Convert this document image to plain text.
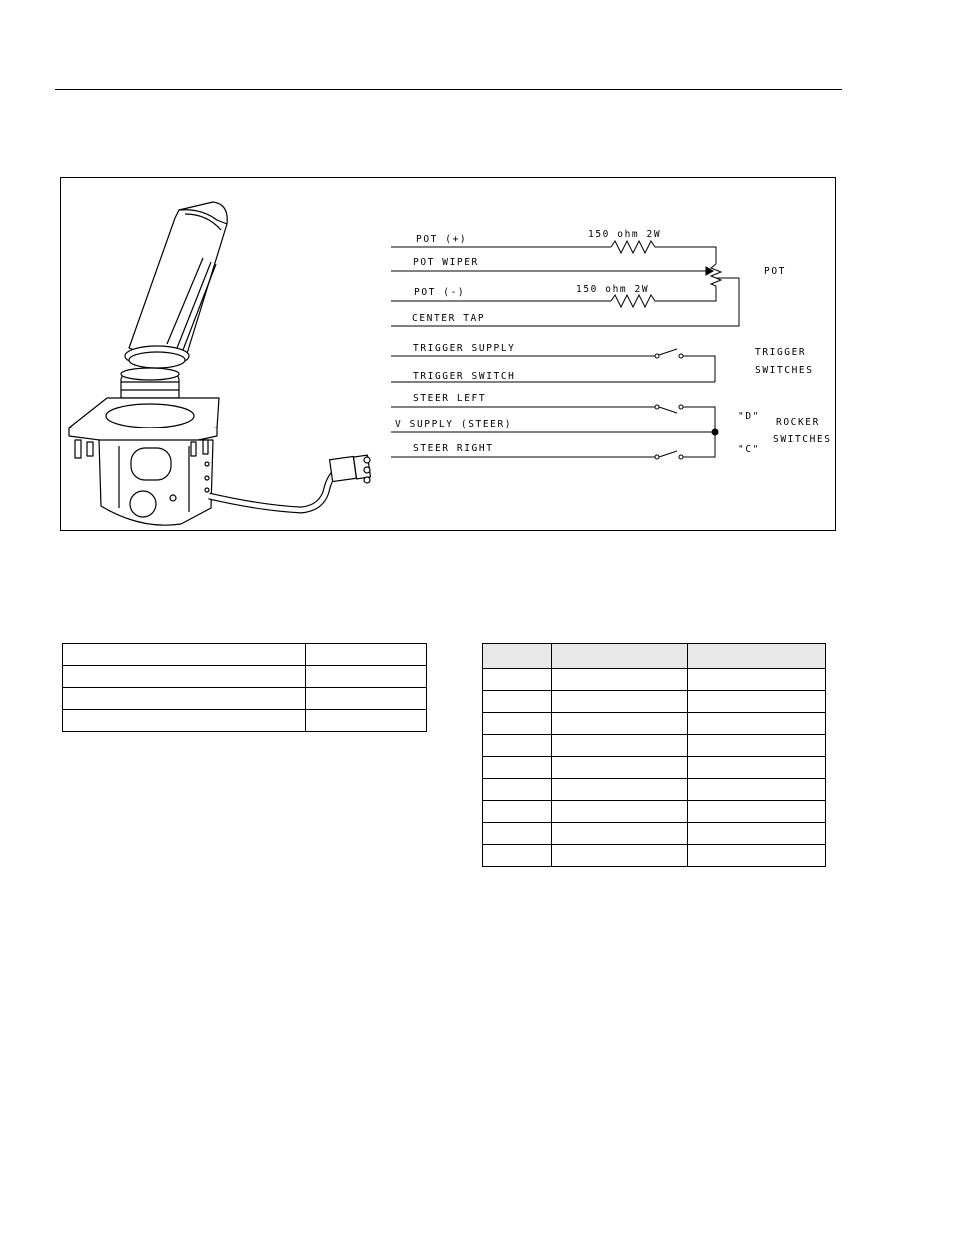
POT (+)
POT WIPER
POT (-)
CENTER TAP
TRIGGER SUPPLY
TRIGGER SWITCH
STEER LEFT
V SUPPLY (STEER)
STEER RIGHT
150 ohm 2W
150 ohm 2W
POT
TRIGGER
SWITCHES
"D"
"C"
ROCKER
SWITCHES
